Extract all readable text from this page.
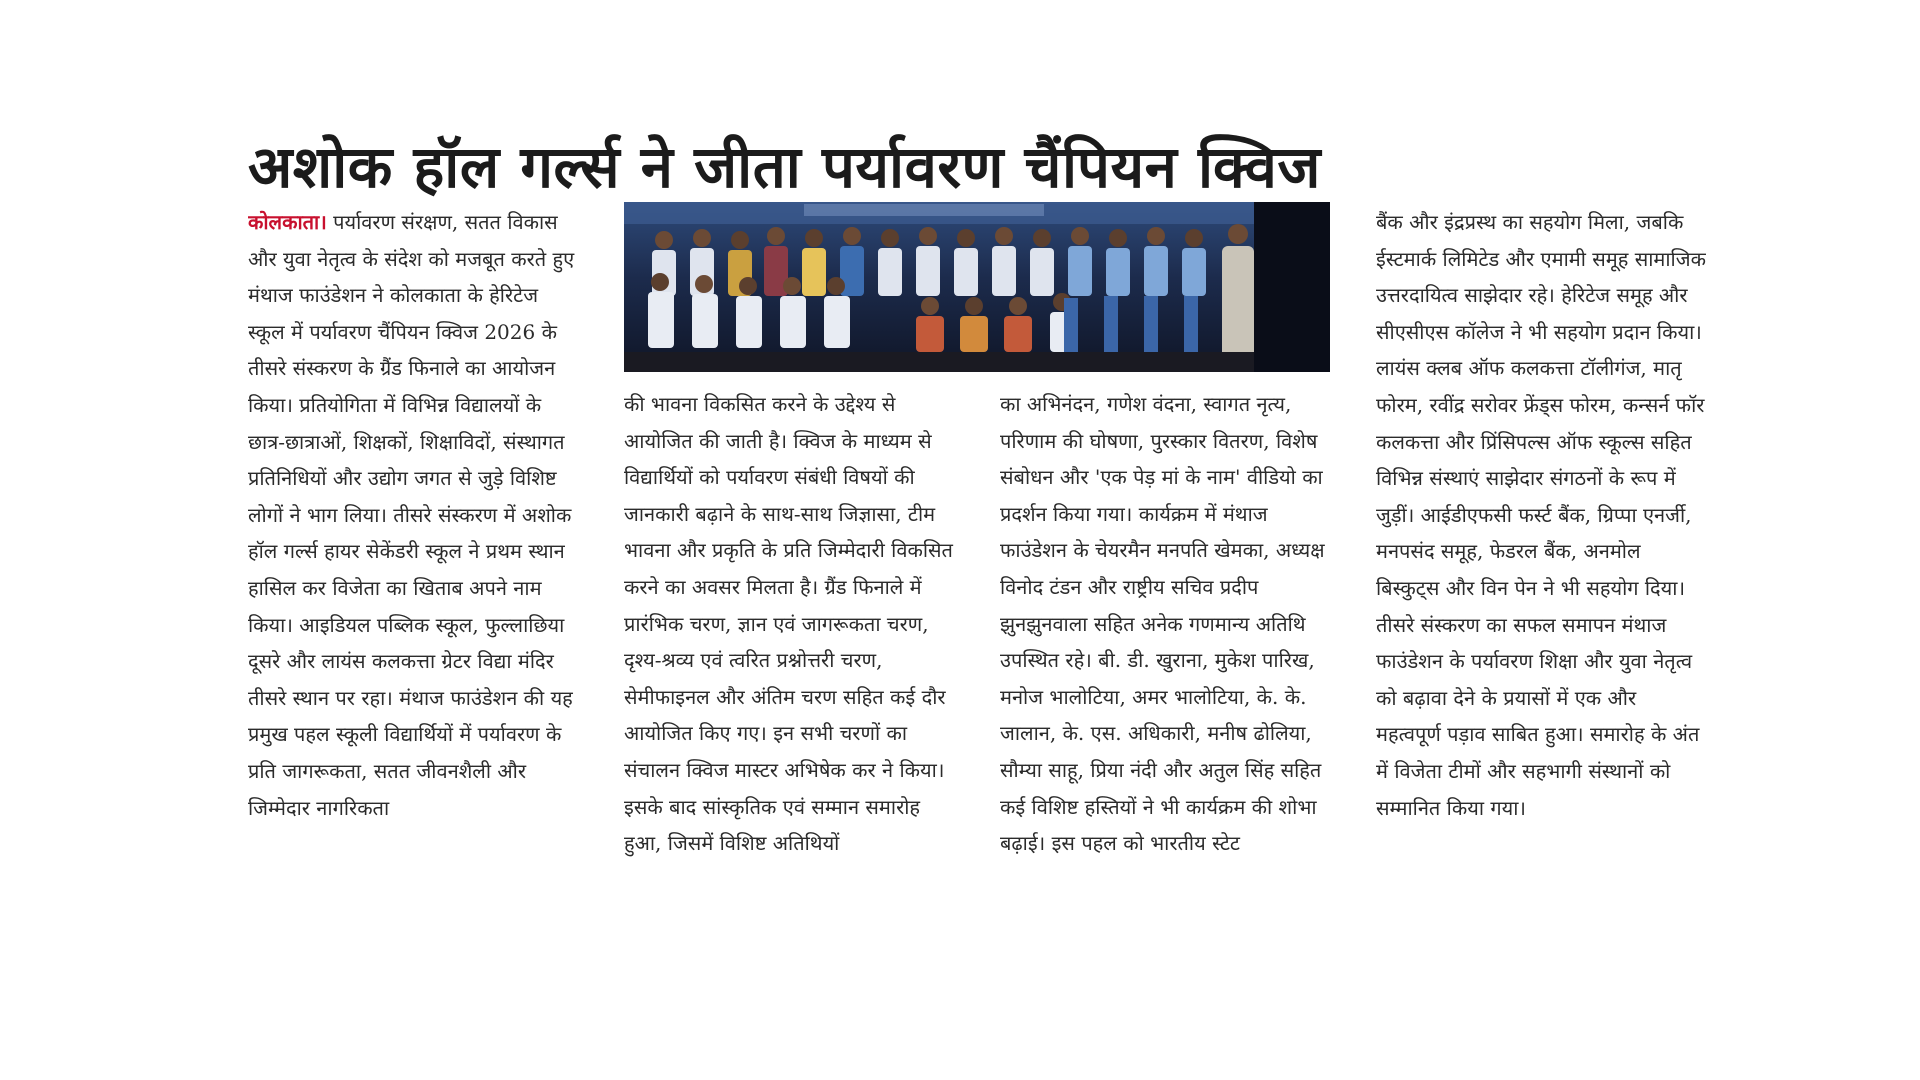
अशोक हॉल गर्ल्स ने जीता पर्यावरण चैंपियन क्विज
कोलकाता। पर्यावरण संरक्षण, सतत विकास और युवा नेतृत्व के संदेश को मजबूत करते हुए मंथाज फाउंडेशन ने कोलकाता के हेरिटेज स्कूल में पर्यावरण चैंपियन क्विज 2026 के तीसरे संस्करण के ग्रैंड फिनाले का आयोजन किया। प्रतियोगिता में विभिन्न विद्यालयों के छात्र-छात्राओं, शिक्षकों, शिक्षाविदों, संस्थागत प्रतिनिधियों और उद्योग जगत से जुड़े विशिष्ट लोगों ने भाग लिया। तीसरे संस्करण में अशोक हॉल गर्ल्स हायर सेकेंडरी स्कूल ने प्रथम स्थान हासिल कर विजेता का खिताब अपने नाम किया। आइडियल पब्लिक स्कूल, फुल्लाछिया दूसरे और लायंस कलकत्ता ग्रेटर विद्या मंदिर तीसरे स्थान पर रहा। मंथाज फाउंडेशन की यह प्रमुख पहल स्कूली विद्यार्थियों में पर्यावरण के प्रति जागरूकता, सतत जीवनशैली और जिम्मेदार नागरिकता
की भावना विकसित करने के उद्देश्य से आयोजित की जाती है। क्विज के माध्यम से विद्यार्थियों को पर्यावरण संबंधी विषयों की जानकारी बढ़ाने के साथ-साथ जिज्ञासा, टीम भावना और प्रकृति के प्रति जिम्मेदारी विकसित करने का अवसर मिलता है। ग्रैंड फिनाले में प्रारंभिक चरण, ज्ञान एवं जागरूकता चरण, दृश्य-श्रव्य एवं त्वरित प्रश्नोत्तरी चरण, सेमीफाइनल और अंतिम चरण सहित कई दौर आयोजित किए गए। इन सभी चरणों का संचालन क्विज मास्टर अभिषेक कर ने किया। इसके बाद सांस्कृतिक एवं सम्मान समारोह हुआ, जिसमें विशिष्ट अतिथियों
का अभिनंदन, गणेश वंदना, स्वागत नृत्य, परिणाम की घोषणा, पुरस्कार वितरण, विशेष संबोधन और 'एक पेड़ मां के नाम' वीडियो का प्रदर्शन किया गया। कार्यक्रम में मंथाज फाउंडेशन के चेयरमैन मनपति खेमका, अध्यक्ष विनोद टंडन और राष्ट्रीय सचिव प्रदीप झुनझुनवाला सहित अनेक गणमान्य अतिथि उपस्थित रहे। बी. डी. खुराना, मुकेश पारिख, मनोज भालोटिया, अमर भालोटिया, के. के. जालान, के. एस. अधिकारी, मनीष ढोलिया, सौम्या साहू, प्रिया नंदी और अतुल सिंह सहित कई विशिष्ट हस्तियों ने भी कार्यक्रम की शोभा बढ़ाई। इस पहल को भारतीय स्टेट
बैंक और इंद्रप्रस्थ का सहयोग मिला, जबकि ईस्टमार्क लिमिटेड और एमामी समूह सामाजिक उत्तरदायित्व साझेदार रहे। हेरिटेज समूह और सीएसीएस कॉलेज ने भी सहयोग प्रदान किया। लायंस क्लब ऑफ कलकत्ता टॉलीगंज, मातृ फोरम, रवींद्र सरोवर फ्रेंड्स फोरम, कन्सर्न फॉर कलकत्ता और प्रिंसिपल्स ऑफ स्कूल्स सहित विभिन्न संस्थाएं साझेदार संगठनों के रूप में जुड़ीं। आईडीएफसी फर्स्ट बैंक, ग्रिप्पा एनर्जी, मनपसंद समूह, फेडरल बैंक, अनमोल बिस्कुट्स और विन पेन ने भी सहयोग दिया। तीसरे संस्करण का सफल समापन मंथाज फाउंडेशन के पर्यावरण शिक्षा और युवा नेतृत्व को बढ़ावा देने के प्रयासों में एक और महत्वपूर्ण पड़ाव साबित हुआ। समारोह के अंत में विजेता टीमों और सहभागी संस्थानों को सम्मानित किया गया।
